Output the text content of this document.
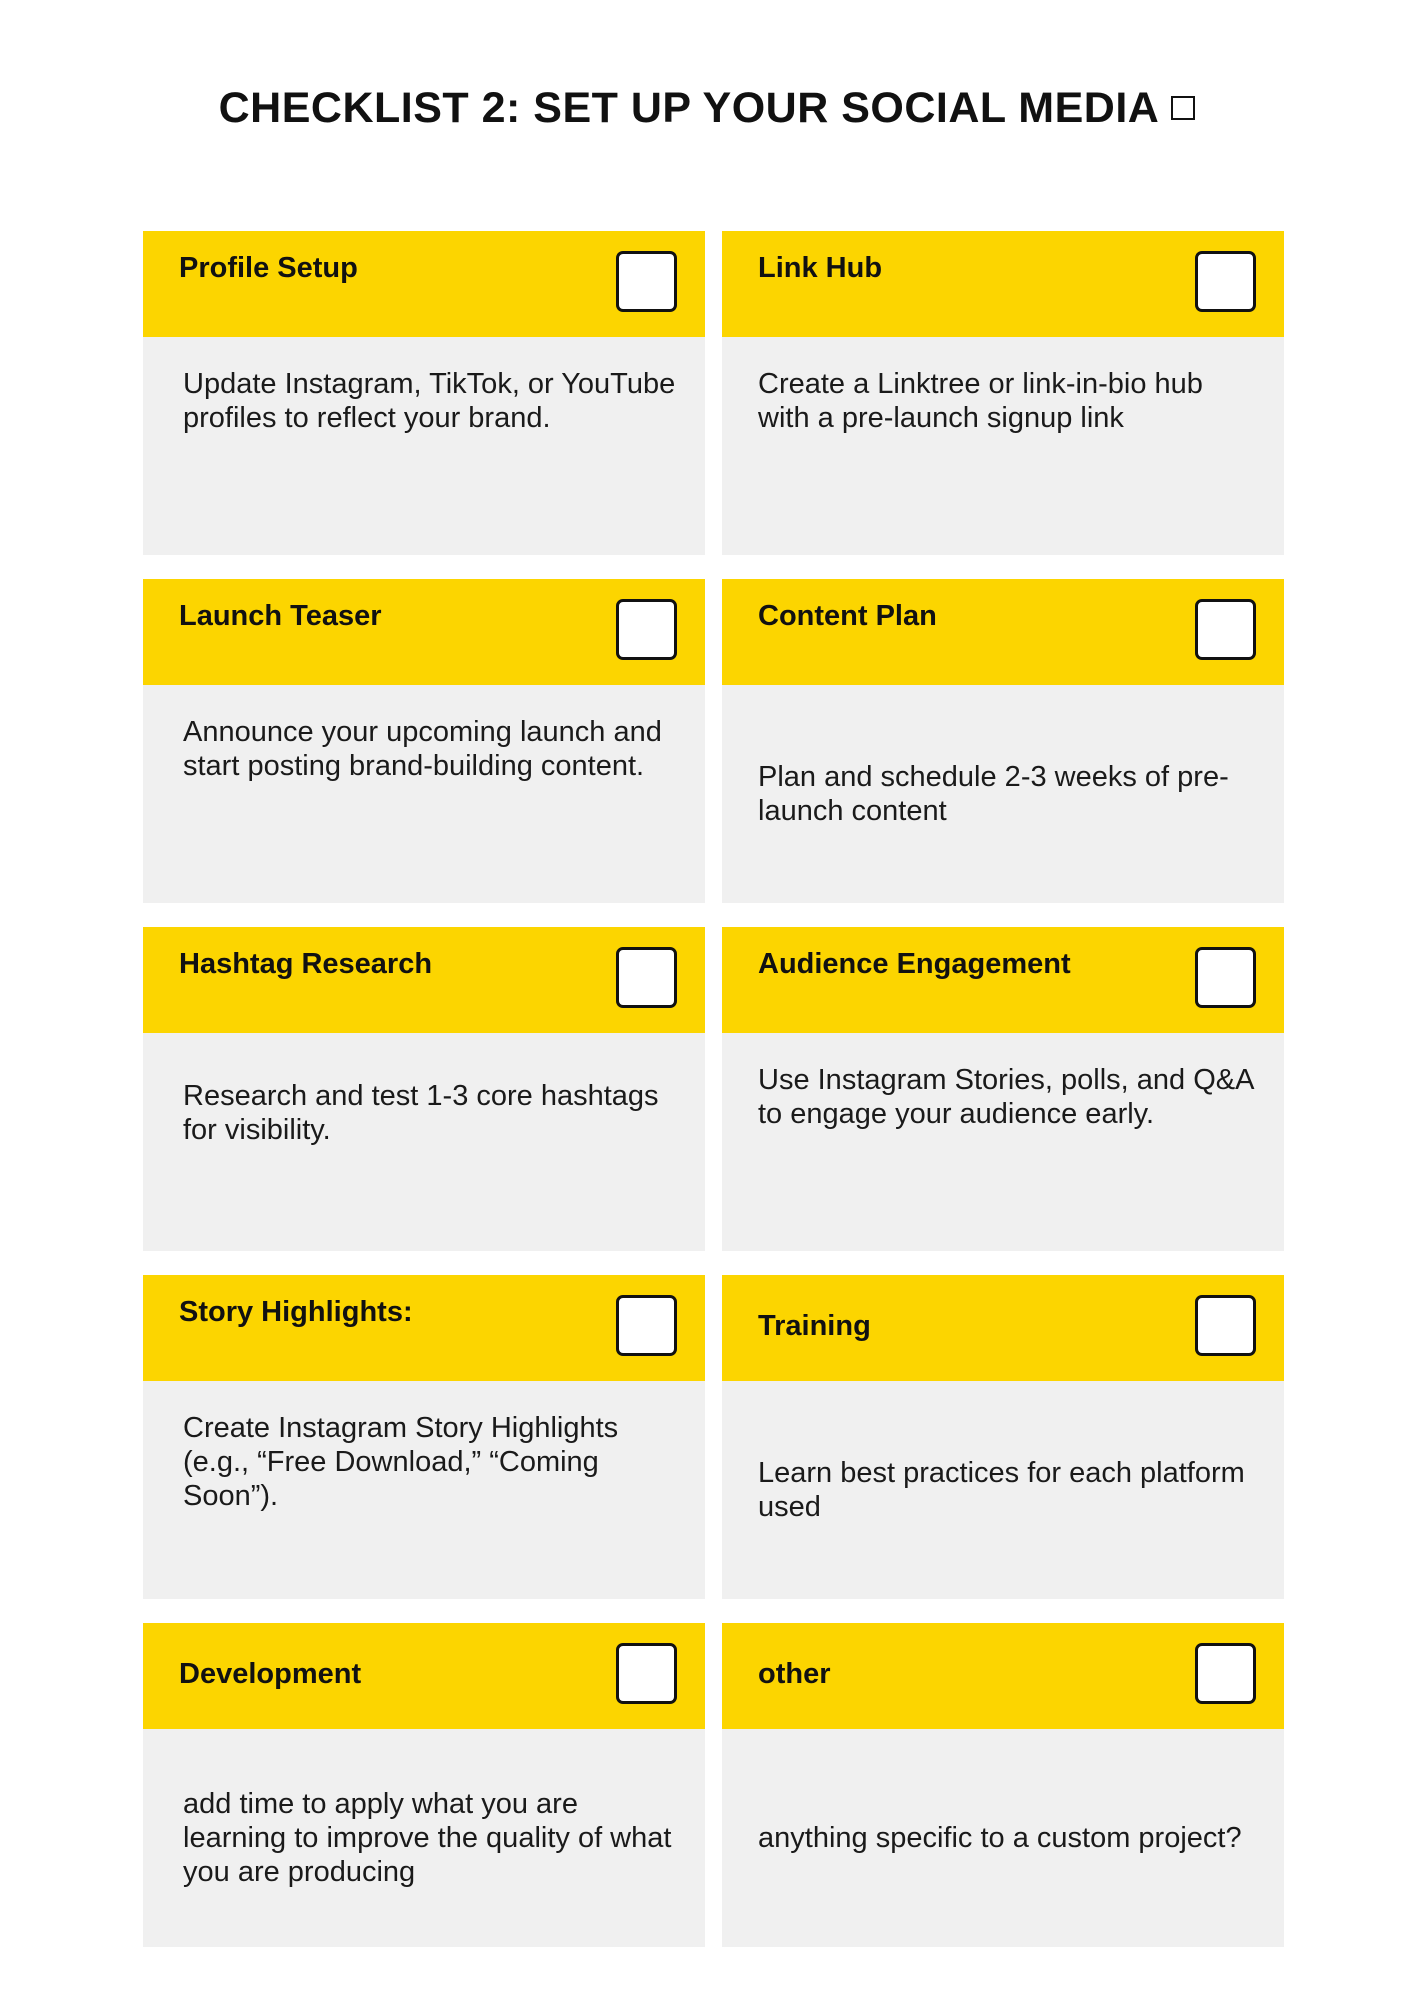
CHECKLIST 2: SET UP YOUR SOCIAL MEDIA
Profile Setup
Update Instagram, TikTok, or YouTube profiles to reflect your brand.
Link Hub
Create a Linktree or link-in-bio hub with a pre-launch signup link
Launch Teaser
Announce your upcoming launch and start posting brand-building content.
Content Plan
Plan and schedule 2-3 weeks of pre-launch content
Hashtag Research
Research and test 1-3 core hashtags for visibility.
Audience Engagement
Use Instagram Stories, polls, and Q&A to engage your audience early.
Story Highlights:
Create Instagram Story Highlights (e.g., “Free Download,” “Coming Soon”).
Training
Learn best practices for each platform used
Development
add time to apply what you are learning to improve the quality of what you are producing
other
anything specific to a custom project?
